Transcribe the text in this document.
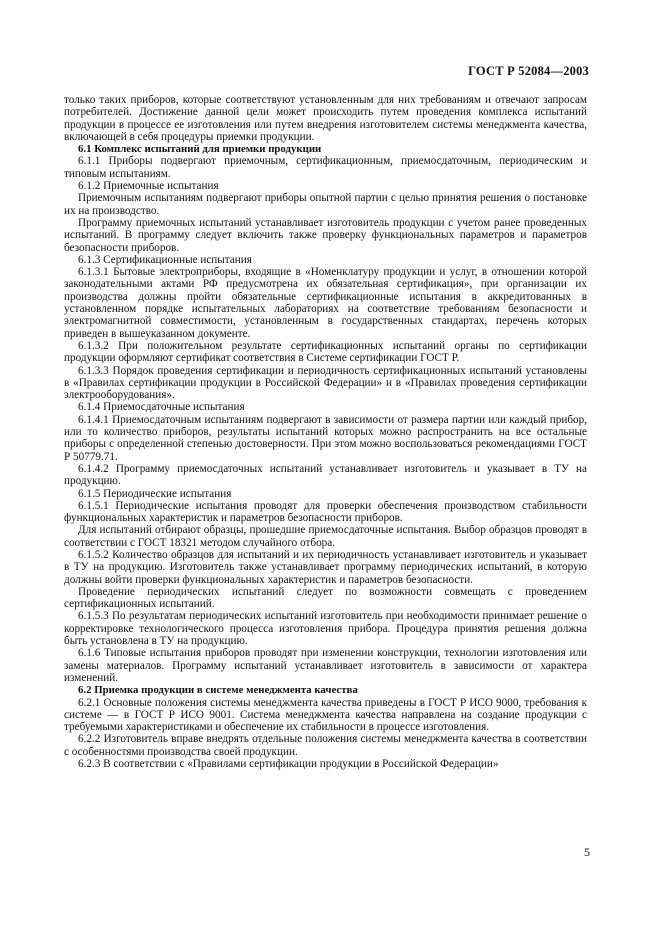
ГОСТ Р 52084—2003

только таких приборов, которые соответствуют установленным для них требованиям и отвечают запросам потребителей. Достижение данной цели может происходить путем проведения комплекса испытаний продукции в процессе ее изготовления или путем внедрения изготовителем системы менеджмента качества, включающей в себя процедуры приемки продукции.

6.1 Комплекс испытаний для приемки продукции

6.1.1 Приборы подвергают приемочным, сертификационным, приемосдаточным, периодическим и типовым испытаниям.

6.1.2 Приемочные испытания

Приемочным испытаниям подвергают приборы опытной партии с целью принятия решения о постановке их на производство.

Программу приемочных испытаний устанавливает изготовитель продукции с учетом ранее проведенных испытаний. В программу следует включить также проверку функциональных параметров и параметров безопасности приборов.

6.1.3 Сертификационные испытания

6.1.3.1 Бытовые электроприборы, входящие в «Номенклатуру продукции и услуг, в отношении которой законодательными актами РФ предусмотрена их обязательная сертификация», при организации их производства должны пройти обязательные сертификационные испытания в аккредитованных в установленном порядке испытательных лабораториях на соответствие требованиям безопасности и электромагнитной совместимости, установленным в государственных стандартах, перечень которых приведен в вышеуказанном документе.

6.1.3.2 При положительном результате сертификационных испытаний органы по сертификации продукции оформляют сертификат соответствия в Системе сертификации ГОСТ Р.

6.1.3.3 Порядок проведения сертификации и периодичность сертификационных испытаний установлены в «Правилах сертификации продукции в Российской Федерации» и в «Правилах проведения сертификации электрооборудования».

6.1.4 Приемосдаточные испытания

6.1.4.1 Приемосдаточным испытаниям подвергают в зависимости от размера партии или каждый прибор, или то количество приборов, результаты испытаний которых можно распространить на все остальные приборы с определенной степенью достоверности. При этом можно воспользоваться рекомендациями ГОСТ Р 50779.71.

6.1.4.2 Программу приемосдаточных испытаний устанавливает изготовитель и указывает в ТУ на продукцию.

6.1.5 Периодические испытания

6.1.5.1 Периодические испытания проводят для проверки обеспечения производством стабильности функциональных характеристик и параметров безопасности приборов.

Для испытаний отбирают образцы, прошедшие приемосдаточные испытания. Выбор образцов проводят в соответствии с ГОСТ 18321 методом случайного отбора.

6.1.5.2 Количество образцов для испытаний и их периодичность устанавливает изготовитель и указывает в ТУ на продукцию. Изготовитель также устанавливает программу периодических испытаний, в которую должны войти проверки функциональных характеристик и параметров безопасности.

Проведение периодических испытаний следует по возможности совмещать с проведением сертификационных испытаний.

6.1.5.3 По результатам периодических испытаний изготовитель при необходимости принимает решение о корректировке технологического процесса изготовления прибора. Процедура принятия решения должна быть установлена в ТУ на продукцию.

6.1.6 Типовые испытания приборов проводят при изменении конструкции, технологии изготовления или замены материалов. Программу испытаний устанавливает изготовитель в зависимости от характера изменений.

6.2 Приемка продукции в системе менеджмента качества

6.2.1 Основные положения системы менеджмента качества приведены в ГОСТ Р ИСО 9000, требования к системе — в ГОСТ Р ИСО 9001. Система менеджмента качества направлена на создание продукции с требуемыми характеристиками и обеспечение их стабильности в процессе изготовления.

6.2.2 Изготовитель вправе внедрять отдельные положения системы менеджмента качества в соответствии с особенностями производства своей продукции.

6.2.3 В соответствии с «Правилами сертификации продукции в Российской Федерации»

5
